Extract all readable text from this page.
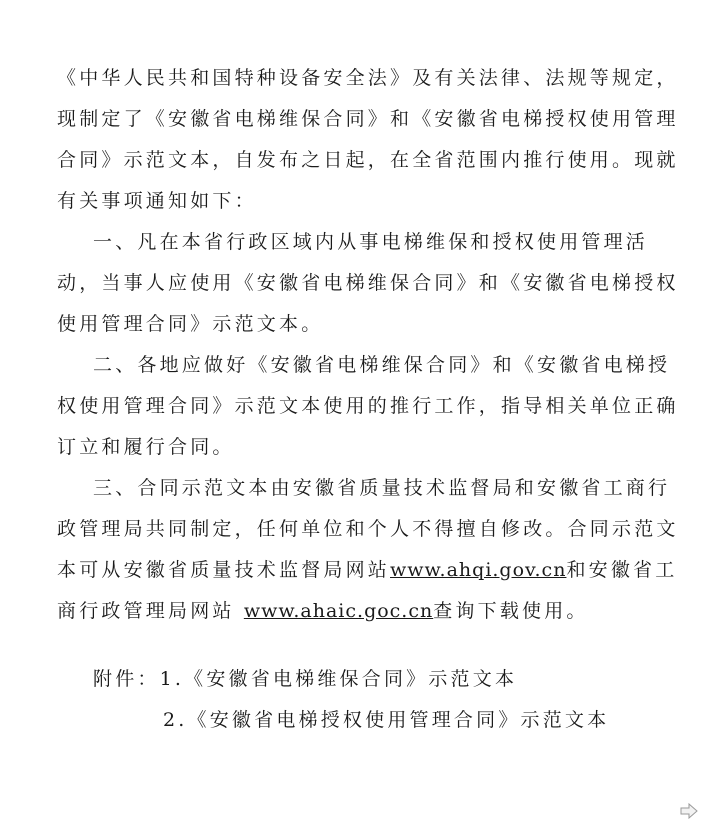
《中华人民共和国特种设备安全法》及有关法律、法规等规定，
现制定了《安徽省电梯维保合同》和《安徽省电梯授权使用管理
合同》示范文本，自发布之日起，在全省范围内推行使用。现就
有关事项通知如下：
一、凡在本省行政区域内从事电梯维保和授权使用管理活
动，当事人应使用《安徽省电梯维保合同》和《安徽省电梯授权
使用管理合同》示范文本。
二、各地应做好《安徽省电梯维保合同》和《安徽省电梯授
权使用管理合同》示范文本使用的推行工作，指导相关单位正确
订立和履行合同。
三、合同示范文本由安徽省质量技术监督局和安徽省工商行
政管理局共同制定，任何单位和个人不得擅自修改。合同示范文
本可从安徽省质量技术监督局网站www.ahqi.gov.cn和安徽省工
商行政管理局网站 www.ahaic.goc.cn查询下载使用。
附件：1.《安徽省电梯维保合同》示范文本
2.《安徽省电梯授权使用管理合同》示范文本
